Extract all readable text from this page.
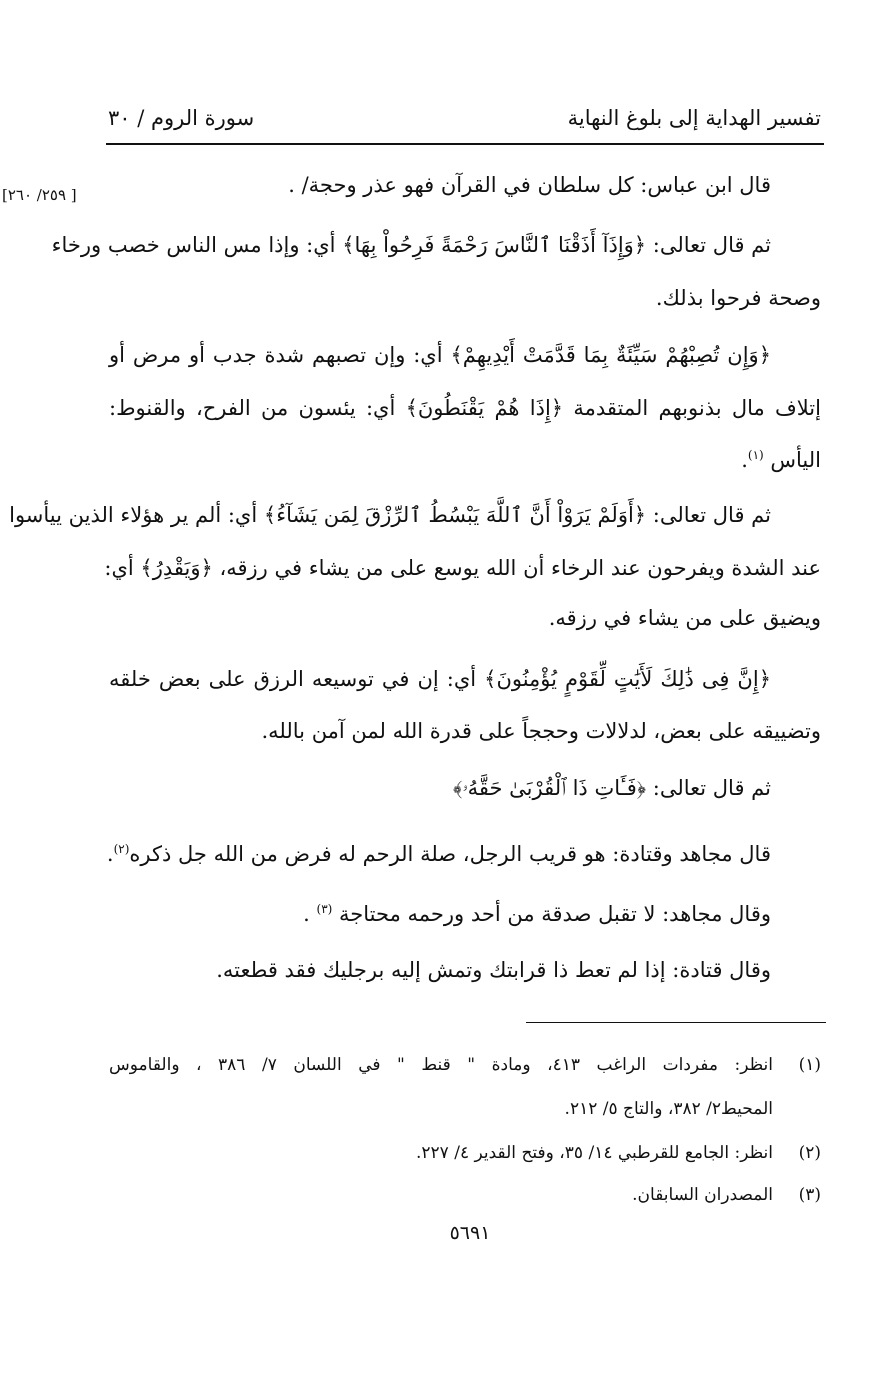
تفسير الهداية إلى بلوغ النهاية
سورة الروم / ٣٠
[ ٢٥٩/ ٢٦٠]	قال ابن عباس: كل سلطان في القرآن فهو عذر وحجة/ .
ثم قال تعالى: ﴿وَإِذَآ أَذَقْنَا ٱلنَّاسَ رَحْمَةً فَرِحُواْ بِهَا﴾ أي: وإذا مس الناس خصب ورخاء
وصحة فرحوا بذلك.
﴿وَإِن تُصِبْهُمْ سَيِّئَةٌ بِمَا قَدَّمَتْ أَيْدِيهِمْ﴾ أي: وإن تصبهم شدة جدب أو مرض أو
إتلاف مال بذنوبهم المتقدمة ﴿إِذَا هُمْ يَقْنَطُونَ﴾ أي: يئسون من الفرح، والقنوط:
اليأس $^{(١)}$.
ثم قال تعالى: ﴿أَوَلَمْ يَرَوْاْ أَنَّ ٱللَّهَ يَبْسُطُ ٱلرِّزْقَ لِمَن يَشَآءُ﴾ أي: ألم ير هؤلاء الذين ييأسوا
عند الشدة ويفرحون عند الرخاء أن الله يوسع على من يشاء في رزقه، ﴿وَيَقْدِرُ﴾ أي:
ويضيق على من يشاء في رزقه.
﴿إِنَّ فِى ذَٰلِكَ لَأَيَٰتٍ لِّقَوْمٍ يُؤْمِنُونَ﴾ أي: إن في توسيعه الرزق على بعض خلقه
وتضييقه على بعض، لدلالات وحججاً على قدرة الله لمن آمن بالله.
ثم قال تعالى: ﴿فَـَٔاتِ ذَا ٱلْقُرْبَىٰ حَقَّهُۥ﴾
قال مجاهد وقتادة: هو قريب الرجل، صلة الرحم له فرض من الله جل ذكره$^{(٢)}$.
وقال مجاهد: لا تقبل صدقة من أحد ورحمه محتاجة $^{(٣)}$ .
وقال قتادة: إذا لم تعط ذا قرابتك وتمش إليه برجليك فقد قطعته.
(١)
انظر: مفردات الراغب ٤١٣، ومادة " قنط " في اللسان ٧/ ٣٨٦ ، والقاموس
المحيط٢/ ٣٨٢، والتاج ٥/ ٢١٢.
(٢)
انظر: الجامع للقرطبي ١٤/ ٣٥، وفتح القدير ٤/ ٢٢٧.
(٣)
المصدران السابقان.
٥٦٩١
